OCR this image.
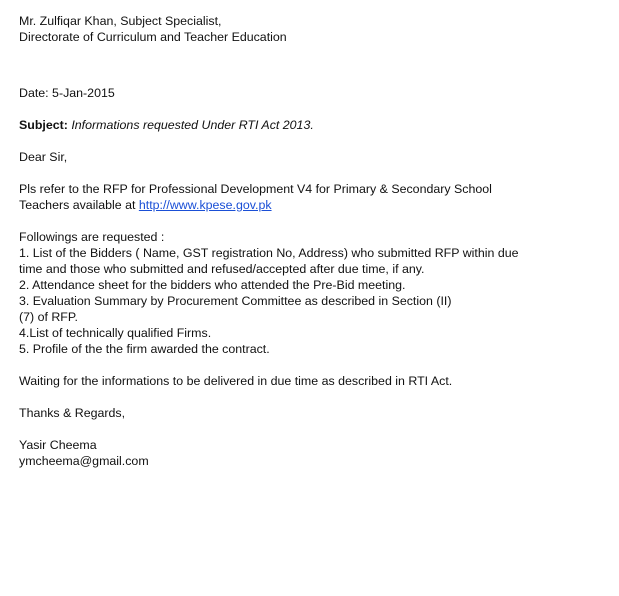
Mr. Zulfiqar Khan, Subject Specialist,
Directorate of Curriculum and Teacher Education
Date: 5-Jan-2015
Subject: Informations requested Under RTI Act 2013.
Dear Sir,
Pls refer to the RFP for Professional Development V4 for Primary & Secondary School
Teachers available at http://www.kpese.gov.pk
Followings are requested :
1. List of the Bidders ( Name, GST registration No, Address) who submitted RFP within due
time and those who submitted and refused/accepted after due time, if any.
2. Attendance sheet for the bidders who attended the Pre-Bid meeting.
3. Evaluation Summary by Procurement Committee as described in Section (II)
(7) of RFP.
4.List of technically qualified Firms.
5. Profile of the the firm awarded the contract.
Waiting for the informations to be delivered in due time as described in RTI Act.
Thanks & Regards,
Yasir Cheema
ymcheema@gmail.com
